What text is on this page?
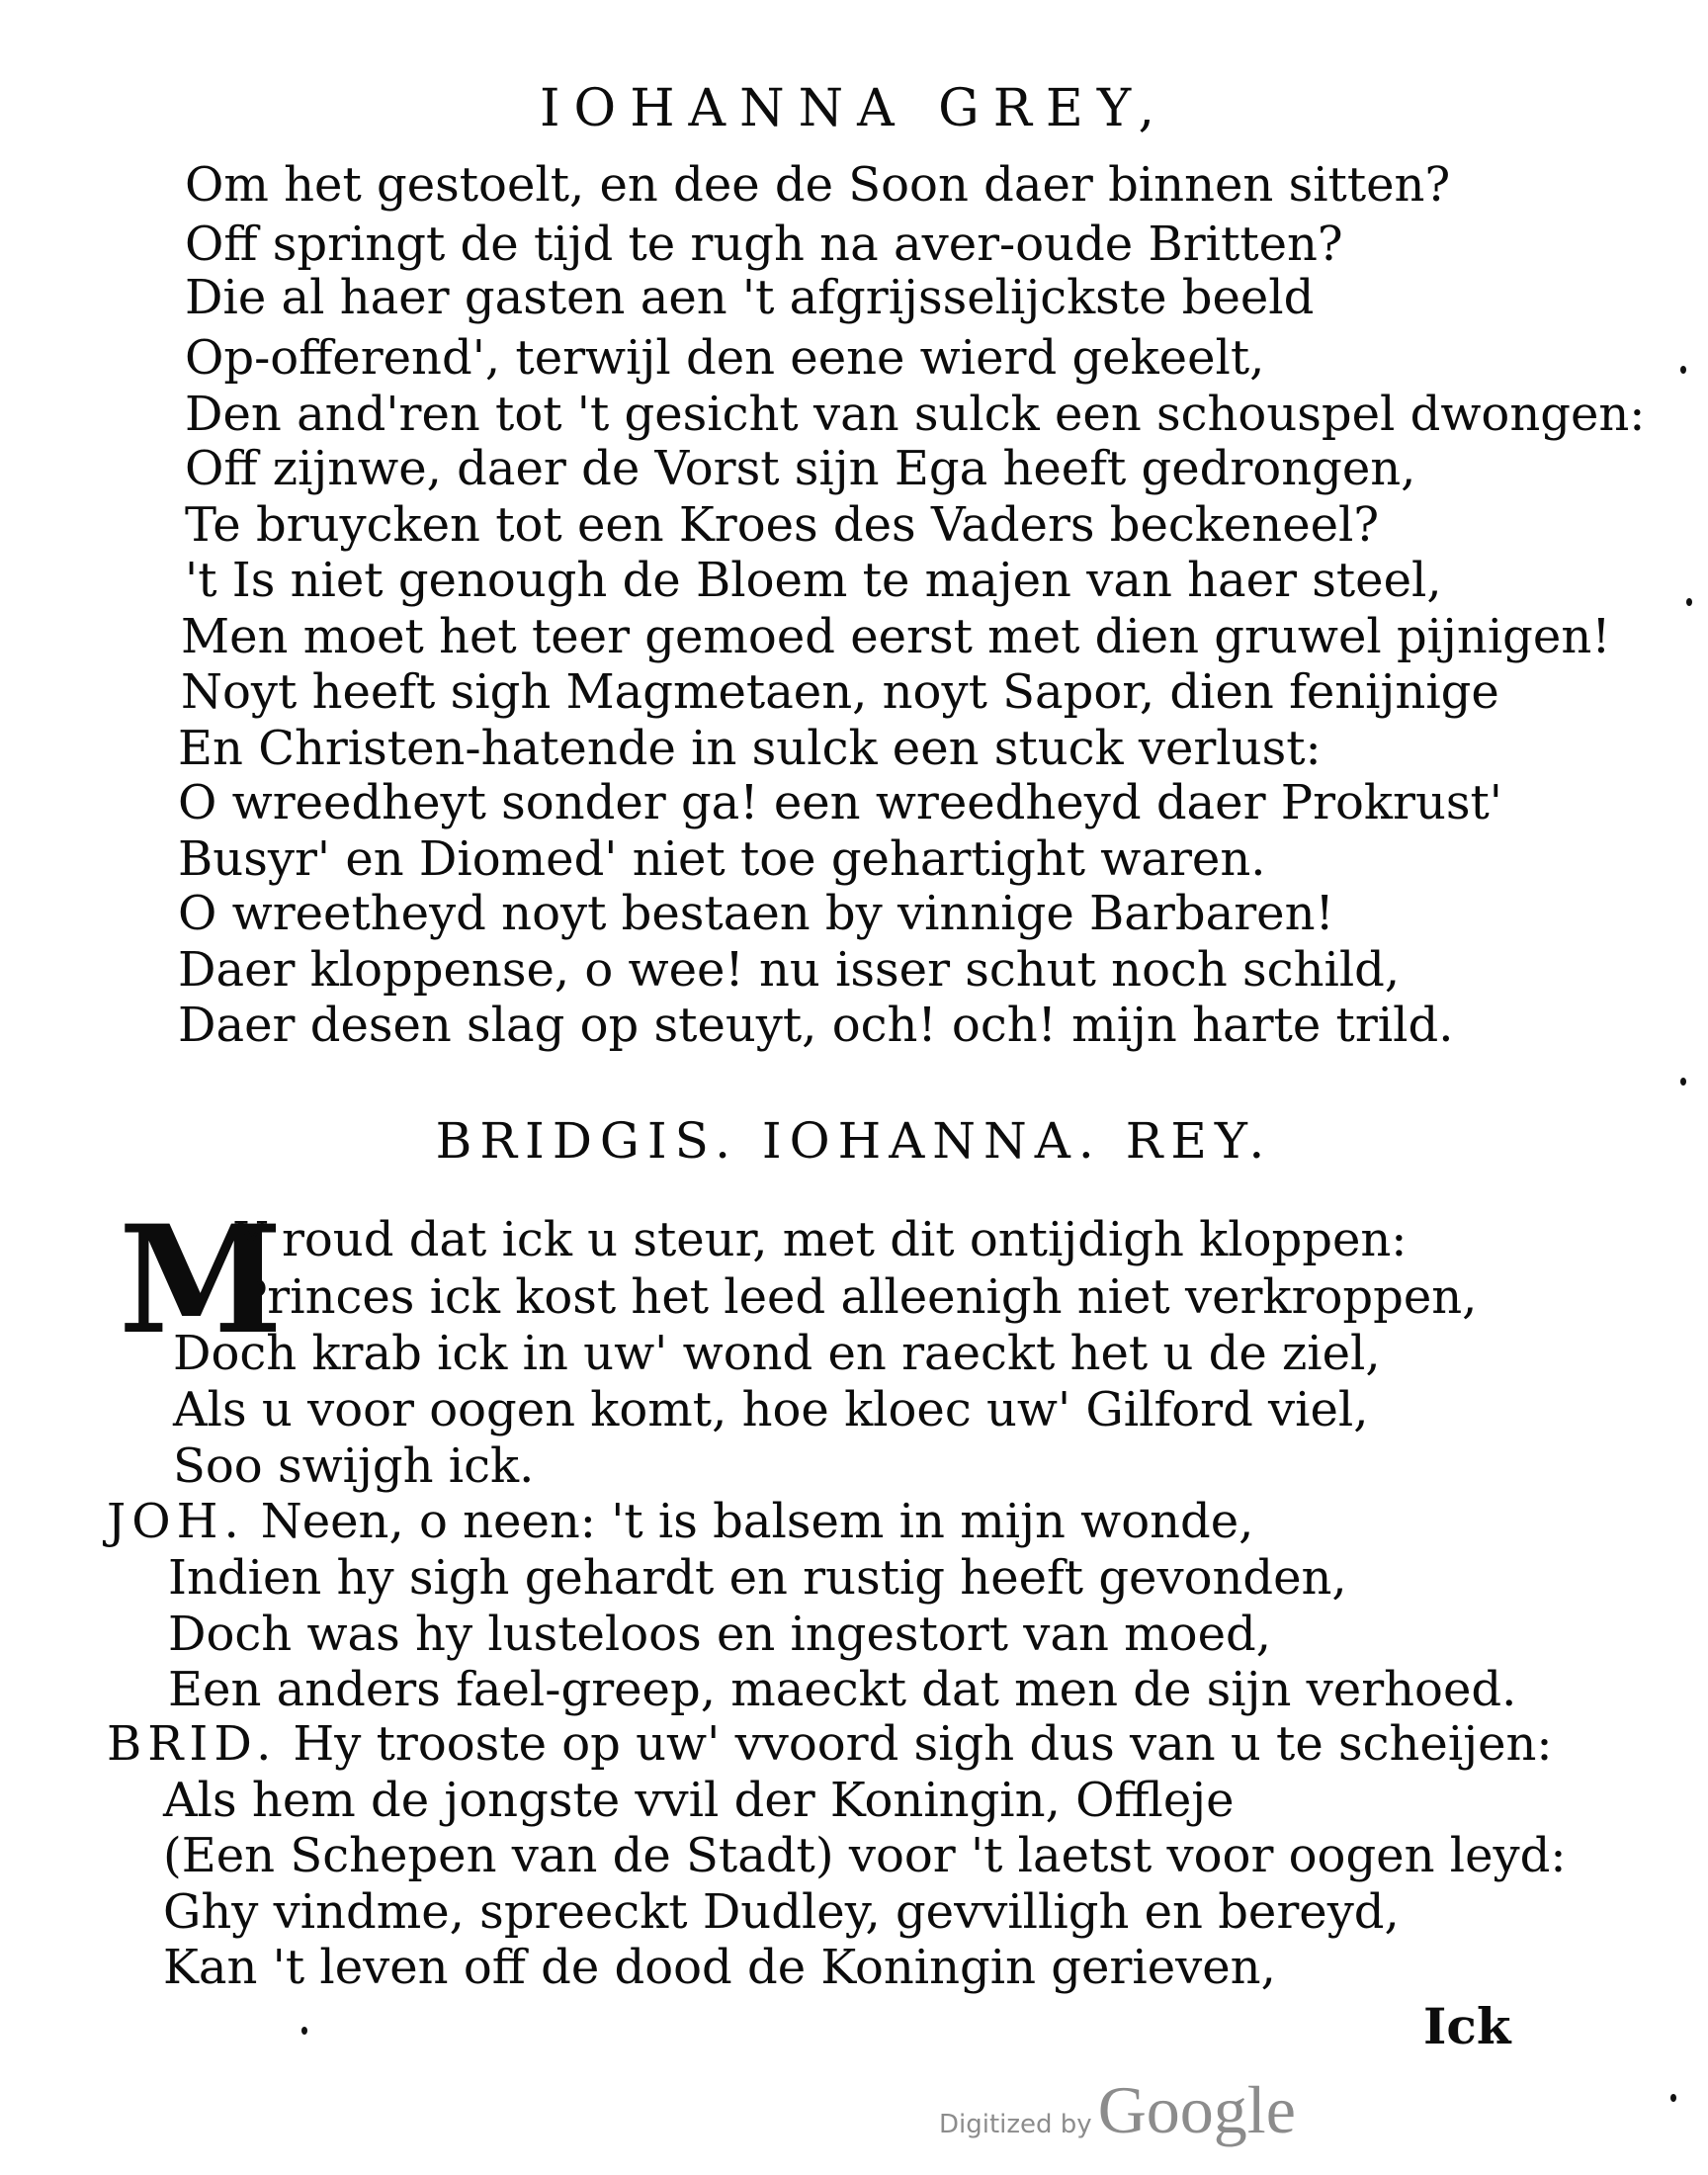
IOHANNA GREY,
Om het gestoelt, en dee de Soon daer binnen sitten?
Off springt de tijd te rugh na aver-oude Britten?
Die al haer gasten aen 't afgrijsselijckste beeld
Op-offerend', terwijl den eene wierd gekeelt,
Den and'ren tot 't gesicht van sulck een schouspel dwongen:
Off zijnwe, daer de Vorst sijn Ega heeft gedrongen,
Te bruycken tot een Kroes des Vaders beckeneel?
't Is niet genough de Bloem te majen van haer steel,
Men moet het teer gemoed eerst met dien gruwel pijnigen!
Noyt heeft sigh Magmetaen, noyt Sapor, dien fenijnige
En Christen-hatende in sulck een stuck verlust:
O wreedheyt sonder ga! een wreedheyd daer Prokrust'
Busyr' en Diomed' niet toe gehartight waren.
O wreetheyd noyt bestaen by vinnige Barbaren!
Daer kloppense, o wee! nu isser schut noch schild,
Daer desen slag op steuyt, och! och! mijn harte trild.
BRIDGIS. IOHANNA. REY.
M
Y roud dat ick u steur, met dit ontijdigh kloppen:
Princes ick kost het leed alleenigh niet verkroppen,
Doch krab ick in uw' wond en raeckt het u de ziel,
Als u voor oogen komt, hoe kloec uw' Gilford viel,
Soo swijgh ick.
JOH. Neen, o neen: 't is balsem in mijn wonde,
Indien hy sigh gehardt en rustig heeft gevonden,
Doch was hy lusteloos en ingestort van moed,
Een anders fael-greep, maeckt dat men de sijn verhoed.
BRID. Hy trooste op uw' vvoord sigh dus van u te scheijen:
Als hem de jongste vvil der Koningin, Offleje
(Een Schepen van de Stadt) voor 't laetst voor oogen leyd:
Ghy vindme, spreeckt Dudley, gevvilligh en bereyd,
Kan 't leven off de dood de Koningin gerieven,
Ick
Digitized byGoogle
